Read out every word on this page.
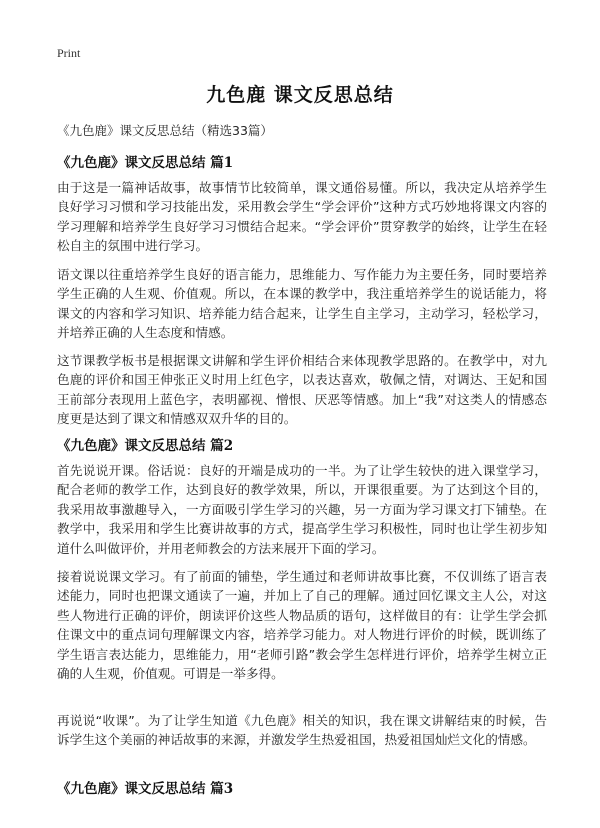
Print
九色鹿 课文反思总结
《九色鹿》课文反思总结（精选33篇）
《九色鹿》课文反思总结 篇1

由于这是一篇神话故事，故事情节比较简单，课文通俗易懂。所以，我决定从培养学生良好学习习惯和学习技能出发，采用教会学生“学会评价”这种方式巧妙地将课文内容的学习理解和培养学生良好学习习惯结合起来。“学会评价”贯穿教学的始终，让学生在轻松自主的氛围中进行学习。

语文课以往重培养学生良好的语言能力，思维能力、写作能力为主要任务，同时要培养学生正确的人生观、价值观。所以，在本课的教学中，我注重培养学生的说话能力，将课文的内容和学习知识、培养能力结合起来，让学生自主学习，主动学习，轻松学习，并培养正确的人生态度和情感。

这节课教学板书是根据课文讲解和学生评价相结合来体现教学思路的。在教学中，对九色鹿的评价和国王伸张正义时用上红色字，以表达喜欢，敬佩之情，对调达、王妃和国王前部分表现用上蓝色字，表明鄙视、憎恨、厌恶等情感。加上“我”对这类人的情感态度更是达到了课文和情感双双升华的目的。

《九色鹿》课文反思总结 篇2

首先说说开课。俗话说：良好的开端是成功的一半。为了让学生较快的进入课堂学习，配合老师的教学工作，达到良好的教学效果，所以，开课很重要。为了达到这个目的，我采用故事激趣导入，一方面吸引学生学习的兴趣，另一方面为学习课文打下铺垫。在教学中，我采用和学生比赛讲故事的方式，提高学生学习积极性，同时也让学生初步知道什么叫做评价，并用老师教会的方法来展开下面的学习。

接着说说课文学习。有了前面的铺垫，学生通过和老师讲故事比赛，不仅训练了语言表述能力，同时也把课文通读了一遍，并加上了自己的理解。通过回忆课文主人公，对这些人物进行正确的评价，朗读评价这些人物品质的语句，这样做目的有：让学生学会抓住课文中的重点词句理解课文内容，培养学习能力。对人物进行评价的时候，既训练了学生语言表达能力，思维能力，用“老师引路”教会学生怎样进行评价，培养学生树立正确的人生观，价值观。可谓是一举多得。

再说说“收课”。为了让学生知道《九色鹿》相关的知识，我在课文讲解结束的时候，告诉学生这个美丽的神话故事的来源，并激发学生热爱祖国，热爱祖国灿烂文化的情感。

《九色鹿》课文反思总结 篇3
